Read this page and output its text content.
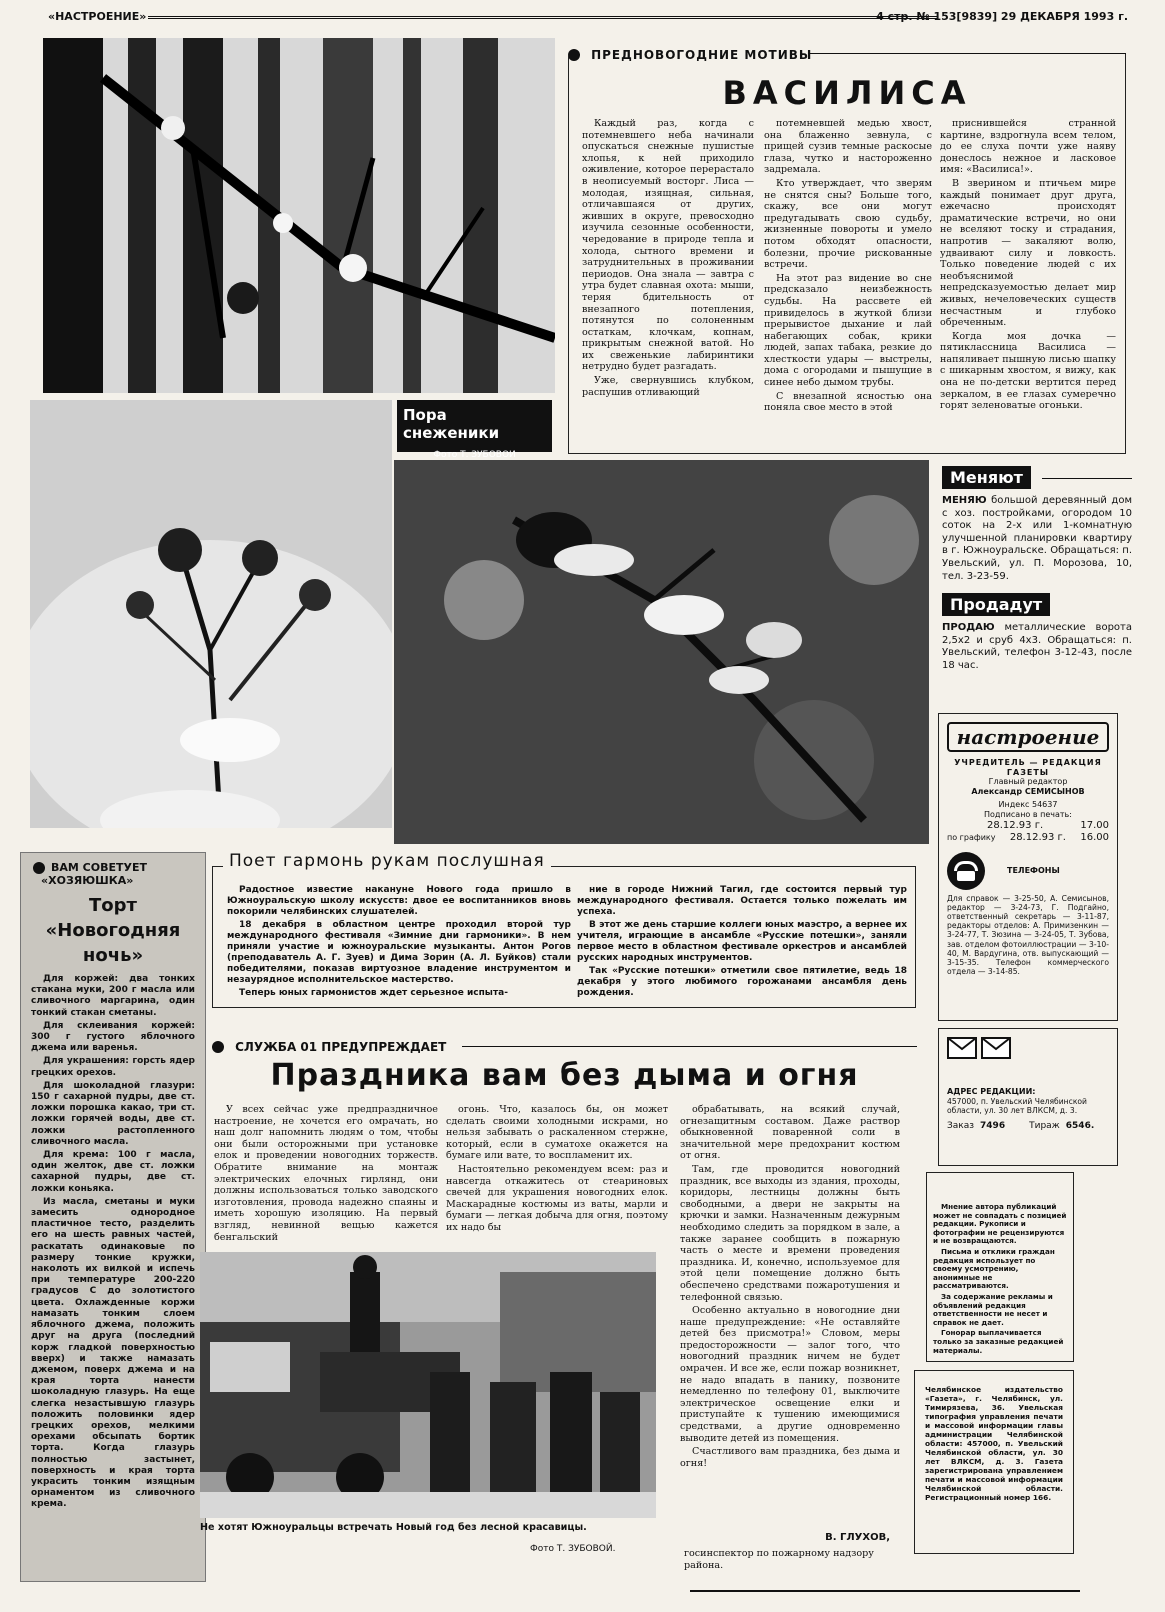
«НАСТРОЕНИЕ»	4 стр. № 153[9839] 29 ДЕКАБРЯ 1993 г.
ПРЕДНОВОГОДНИЕ МОТИВЫ
ВАСИЛИСА

Каждый раз, когда с потемневшего неба начинали опускаться снежные пушистые хлопья, к ней приходило оживление, которое перерастало в неописуемый восторг. Лиса — молодая, изящная, сильная, отличавшаяся от других, живших в округе, превосходно изучила сезонные особенности, чередование в природе тепла и холода, сытного времени и затруднительных в проживании периодов. Она знала — завтра с утра будет славная охота: мыши, теряя бдительность от внезапного потепления, потянутся по солоненным остаткам, клочкам, копнам, прикрытым снежной ватой. Но их свеженькие лабиринтики нетрудно будет разгадать.

Уже, свернувшись клубком, распушив отливающий

потемневшей медью хвост, она блаженно зевнула, с прищей сузив темные раскосые глаза, чутко и настороженно задремала.

Кто утверждает, что зверям не снятся сны? Больше того, скажу, все они могут предугадывать свою судьбу, жизненные повороты и умело потом обходят опасности, болезни, прочие рискованные встречи.

На этот раз видение во сне предсказало неизбежность судьбы. На рассвете ей привиделось в жуткой близи прерывистое дыхание и лай набегающих собак, крики людей, запах табака, резкие до хлесткости удары — выстрелы, дома с огородами и пышущие в синее небо дымом трубы.

С внезапной ясностью она поняла свое место в этой

приснившейся странной картине, вздрогнула всем телом, до ее слуха почти уже наяву донеслось нежное и ласковое имя: «Василиса!».

В зверином и птичьем мире каждый понимает друг друга, ежечасно происходят драматические встречи, но они не вселяют тоску и страдания, напротив — закаляют волю, удваивают силу и ловкость. Только поведение людей с их необъяснимой непредсказуемостью делает мир живых, нечеловеческих существ несчастным и глубоко обреченным.

Когда моя дочка — пятиклассница Василиса — напяливает пышную лисью шапку с шикарным хвостом, я вижу, как она не по-детски вертится перед зеркалом, в ее глазах сумеречно горят зеленоватые огоньки.

Пора снежeники
Фото Т. ЗУБОВОИ
Меняют

МЕНЯЮ большой деревянный дом с хоз. постройками, огородом 10 соток на 2-х или 1-комнатную улучшенной планировки квартиру в г. Южноуральске. Обращаться: п. Увельский, ул. П. Морозова, 10, тел. 3-23-59.

Продадут

ПРОДАЮ металлические ворота 2,5х2 и сруб 4х3. Обращаться: п. Увельский, телефон 3-12-43, после 18 час.

настроение
УЧРЕДИТЕЛЬ — РЕДАКЦИЯ ГАЗЕТЫ
Главный редактор
Александр СЕМИСЫНОВ
Индекс 54637
Подписано в печать:
28.12.93 г.	17.00
по графику 28.12.93 г. 16.00
ТЕЛЕФОНЫ
Для справок — 3-25-50, А. Семисынов, редактор — 3-24-73, Г. Подгайно, ответственный секретарь — 3-11-87, редакторы отделов: А. Примизенкин — 3-24-77, Т. Зюзина — 3-24-05, Т. Зубова, зав. отделом фотоиллюстрации — 3-10-40, М. Вардугина, отв. выпускающий — 3-15-35. Телефон коммерческого отдела — 3-14-85.
АДРЕС РЕДАКЦИИ:
457000, п. Увельский Челябинской области, ул. 30 лет ВЛКСМ, д. 3.
Заказ 7496	Тираж 6546.

Мнение автора публикаций может не совпадать с позицией редакции. Рукописи и фотографии не рецензируются и не возвращаются.

Письма и отклики граждан редакция использует по своему усмотрению, анонимные не рассматриваются.

За содержание рекламы и объявлений редакция ответственности не несет и справок не дает.

Гонорар выплачивается только за заказные редакцией материалы.

Челябинское издательство «Газета», г. Челябинск, ул. Тимирязева, 36. Увельская типография управления печати и массовой информации главы администрации Челябинской области: 457000, п. Увельский Челябинской области, ул. 30 лет ВЛКСМ, д. 3. Газета зарегистрирована управлением печати и массовой информации Челябинской области. Регистрационный номер 166.

ВАМ СОВЕТУЕТ
«ХОЗЯЮШКА»
Торт
«Новогодняя
ночь»

Для коржей: два тонких стакана муки, 200 г масла или сливочного маргарина, один тонкий стакан сметаны.

Для склеивания коржей: 300 г густого яблочного джема или варенья.

Для украшения: горсть ядер грецких орехов.

Для шоколадной глазури: 150 г сахарной пудры, две ст. ложки порошка какао, три ст. ложки горячей воды, две ст. ложки растопленного сливочного масла.

Для крема: 100 г масла, один желток, две ст. ложки сахарной пудры, две ст. ложки коньяка.

Из масла, сметаны и муки замесить однородное пластичное тесто, разделить его на шесть равных частей, раскатать одинаковые по размеру тонкие кружки, наколоть их вилкой и испечь при температуре 200-220 градусов С до золотистого цвета. Охлажденные коржи намазать тонким слоем яблочного джема, положить друг на друга (последний корж гладкой поверхностью вверх) и также намазать джемом, поверх джема и на края торта нанести шоколадную глазурь. На еще слегка незастывшую глазурь положить половинки ядер грецких орехов, мелкими орехами обсыпать бортик торта. Когда глазурь полностью застынет, поверхность и края торта украсить тонким изящным орнаментом из сливочного крема.

Поет гармонь рукам послушная

Радостное известие накануне Нового года пришло в Южноуральскую школу искусств: двое ее воспитанников вновь покорили челябинских слушателей.

18 декабря в областном центре проходил второй тур международного фестиваля «Зимние дни гармоники». В нем приняли участие и южноуральские музыканты. Антон Рогов (преподаватель А. Г. Зуев) и Дима Зорин (А. Л. Буйков) стали победителями, показав виртуозное владение инструментом и незаурядное исполнительское мастерство.

Теперь юных гармонистов ждет серьезное испыта-

ние в городе Нижний Тагил, где состоится первый тур международного фестиваля. Остается только пожелать им успеха.

В этот же день старшие коллеги юных маэстро, а вернее их учителя, играющие в ансамбле «Русские потешки», заняли первое место в областном фестивале оркестров и ансамблей русских народных инструментов.

Так «Русские потешки» отметили свое пятилетие, ведь 18 декабря у этого любимого горожанами ансамбля день рождения.

СЛУЖБА 01 ПРЕДУПРЕЖДАЕТ
Праздника вам без дыма и огня

У всех сейчас уже предпраздничное настроение, не хочется его омрачать, но наш долг напомнить людям о том, чтобы они были осторожными при установке елок и проведении новогодних торжеств. Обратите внимание на монтаж электрических елочных гирлянд, они должны использоваться только заводского изготовления, провода надежно спаяны и иметь хорошую изоляцию. На первый взгляд, невинной вещью кажется бенгальский

огонь. Что, казалось бы, он может сделать своими холодными искрами, но нельзя забывать о раскаленном стержне, который, если в суматохе окажется на бумаге или вате, то воспламенит их.

Настоятельно рекомендуем всем: раз и навсегда откажитесь от стеариновых свечей для украшения новогодних елок. Маскарадные костюмы из ваты, марли и бумаги — легкая добыча для огня, поэтому их надо бы

обрабатывать, на всякий случай, огнезащитным составом. Даже раствор обыкновенной поваренной соли в значительной мере предохранит костюм от огня.

Там, где проводится новогодний праздник, все выходы из здания, проходы, коридоры, лестницы должны быть свободными, а двери не закрыты на крючки и замки. Назначенным дежурным необходимо следить за порядком в зале, а также заранее сообщить в пожарную часть о месте и времени проведения праздника. И, конечно, используемое для этой цели помещение должно быть обеспечено средствами пожаротушения и телефонной связью.

Особенно актуально в новогодние дни наше предупреждение: «Не оставляйте детей без присмотра!» Словом, меры предосторожности — залог того, что новогодний праздник ничем не будет омрачен. И все же, если пожар возникнет, не надо впадать в панику, позвоните немедленно по телефону 01, выключите электрическое освещение елки и приступайте к тушению имеющимися средствами, а другие одновременно выводите детей из помещения.

Счастливого вам праздника, без дыма и огня!

В. ГЛУХОВ,
госинспектор по пожарному надзору района.
Не хотят Южноуральцы встречать Новый год без лесной красавицы.
Фото Т. ЗУБОВОЙ.
